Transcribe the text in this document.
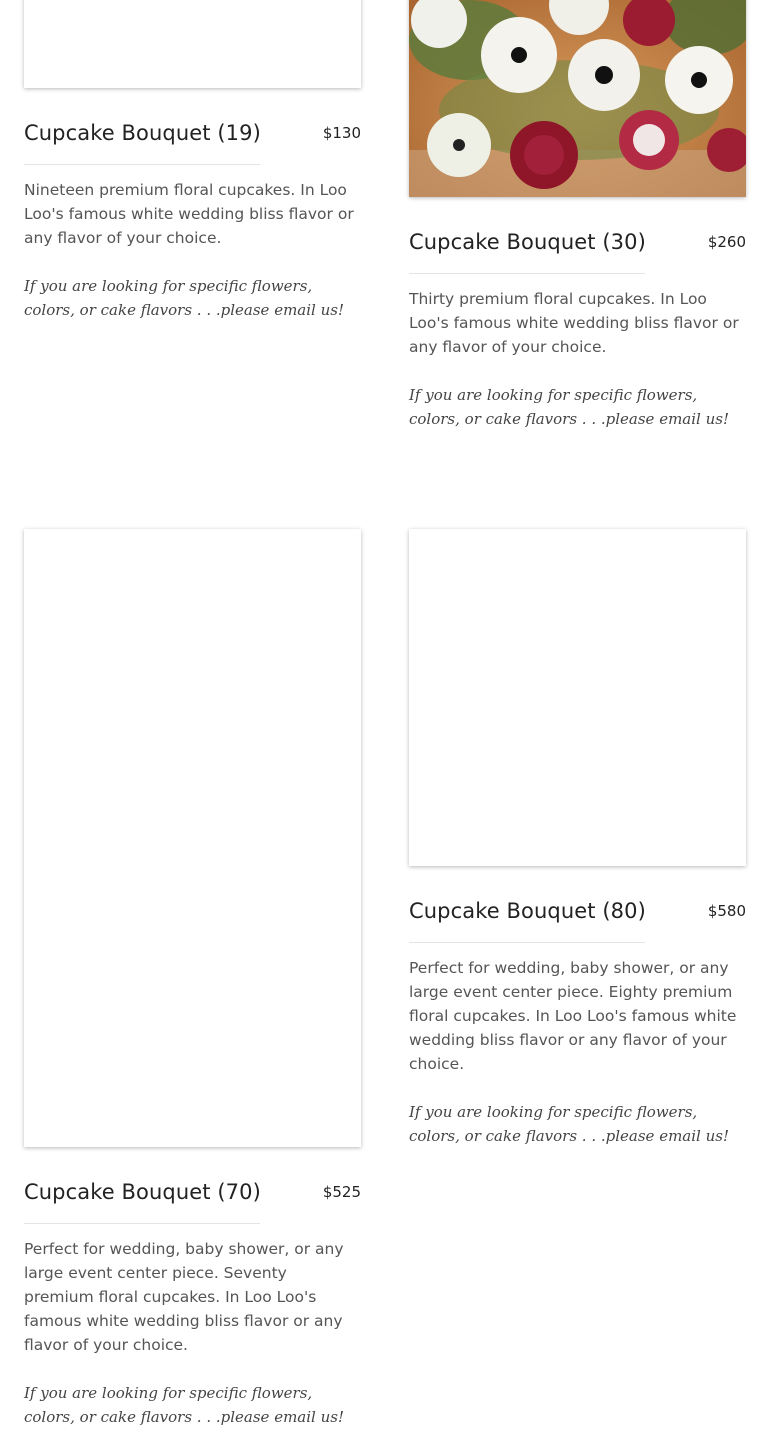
Cupcake Bouquet (19)	$130

Nineteen premium floral cupcakes. In Loo Loo's famous white wedding bliss flavor or any flavor of your choice.

If you are looking for specific flowers, colors, or cake flavors . . .please email us!

Cupcake Bouquet (30)	$260

Thirty premium floral cupcakes. In Loo Loo's famous white wedding bliss flavor or any flavor of your choice.

If you are looking for specific flowers, colors, or cake flavors . . .please email us!

Cupcake Bouquet (70)	$525

Perfect for wedding, baby shower, or any large event center piece. Seventy premium floral cupcakes. In Loo Loo's famous white wedding bliss flavor or any flavor of your choice.

If you are looking for specific flowers, colors, or cake flavors . . .please email us!

Cupcake Bouquet (80)	$580

Perfect for wedding, baby shower, or any large event center piece. Eighty premium floral cupcakes. In Loo Loo's famous white wedding bliss flavor or any flavor of your choice.

If you are looking for specific flowers, colors, or cake flavors . . .please email us!
